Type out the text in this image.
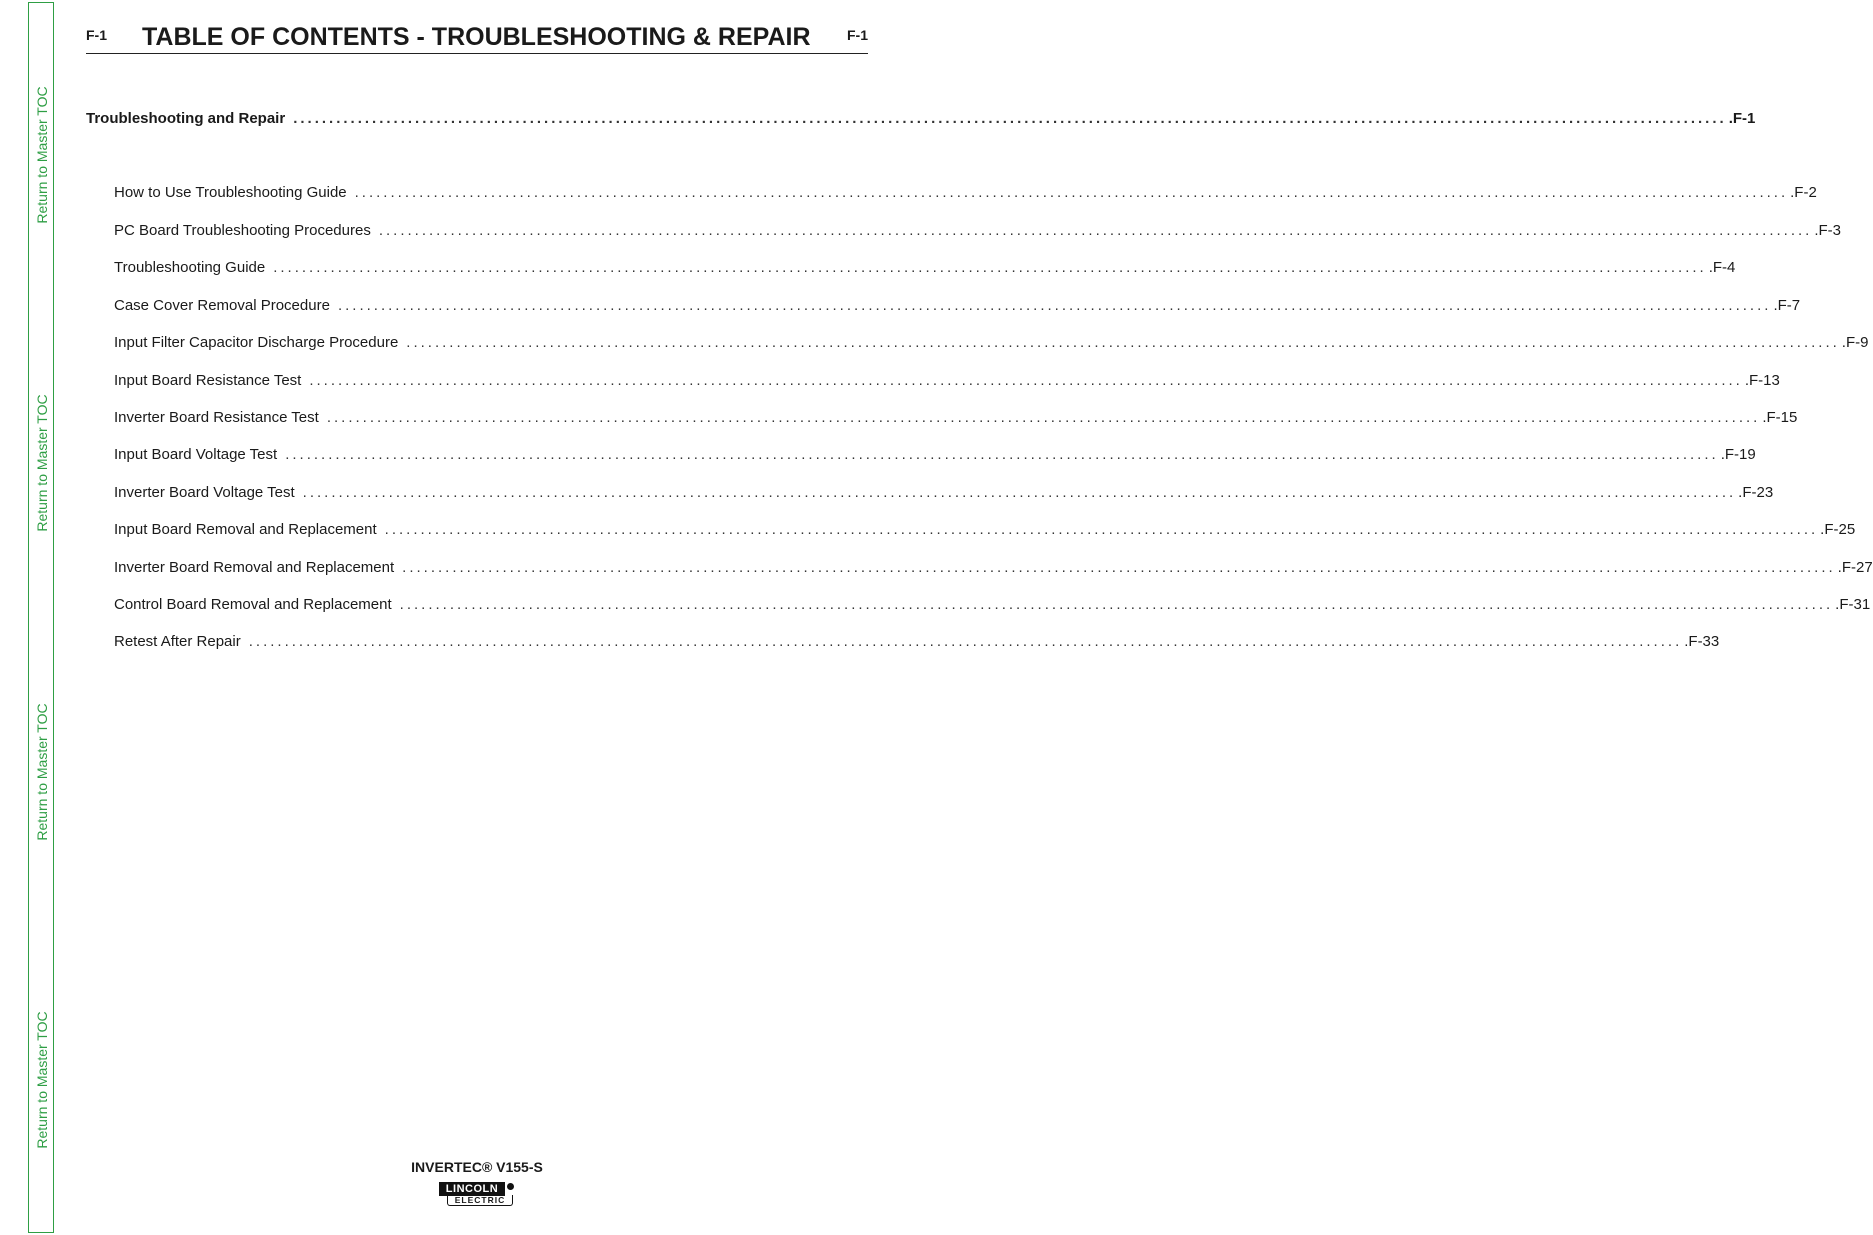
Return to Master TOC
Return to Master TOC
Return to Master TOC
Return to Master TOC
F-1 TABLE OF CONTENTS - TROUBLESHOOTING & REPAIR	F-1
Troubleshooting and Repair ........................................................................................................................................................................................................ .F-1
How to Use Troubleshooting Guide ........................................................................................................................................................................................................ .F-2
PC Board Troubleshooting Procedures ........................................................................................................................................................................................................ .F-3
Troubleshooting Guide ........................................................................................................................................................................................................ .F-4
Case Cover Removal Procedure ........................................................................................................................................................................................................ .F-7
Input Filter Capacitor Discharge Procedure ........................................................................................................................................................................................................ .F-9
Input Board Resistance Test ........................................................................................................................................................................................................ .F-13
Inverter Board Resistance Test ........................................................................................................................................................................................................ .F-15
Input Board Voltage Test ........................................................................................................................................................................................................ .F-19
Inverter Board Voltage Test ........................................................................................................................................................................................................ .F-23
Input Board Removal and Replacement ........................................................................................................................................................................................................ .F-25
Inverter Board Removal and Replacement ........................................................................................................................................................................................................ .F-27
Control Board Removal and Replacement ........................................................................................................................................................................................................ .F-31
Retest After Repair ........................................................................................................................................................................................................ .F-33
INVERTEC® V155-S
LINCOLN
ELECTRIC
